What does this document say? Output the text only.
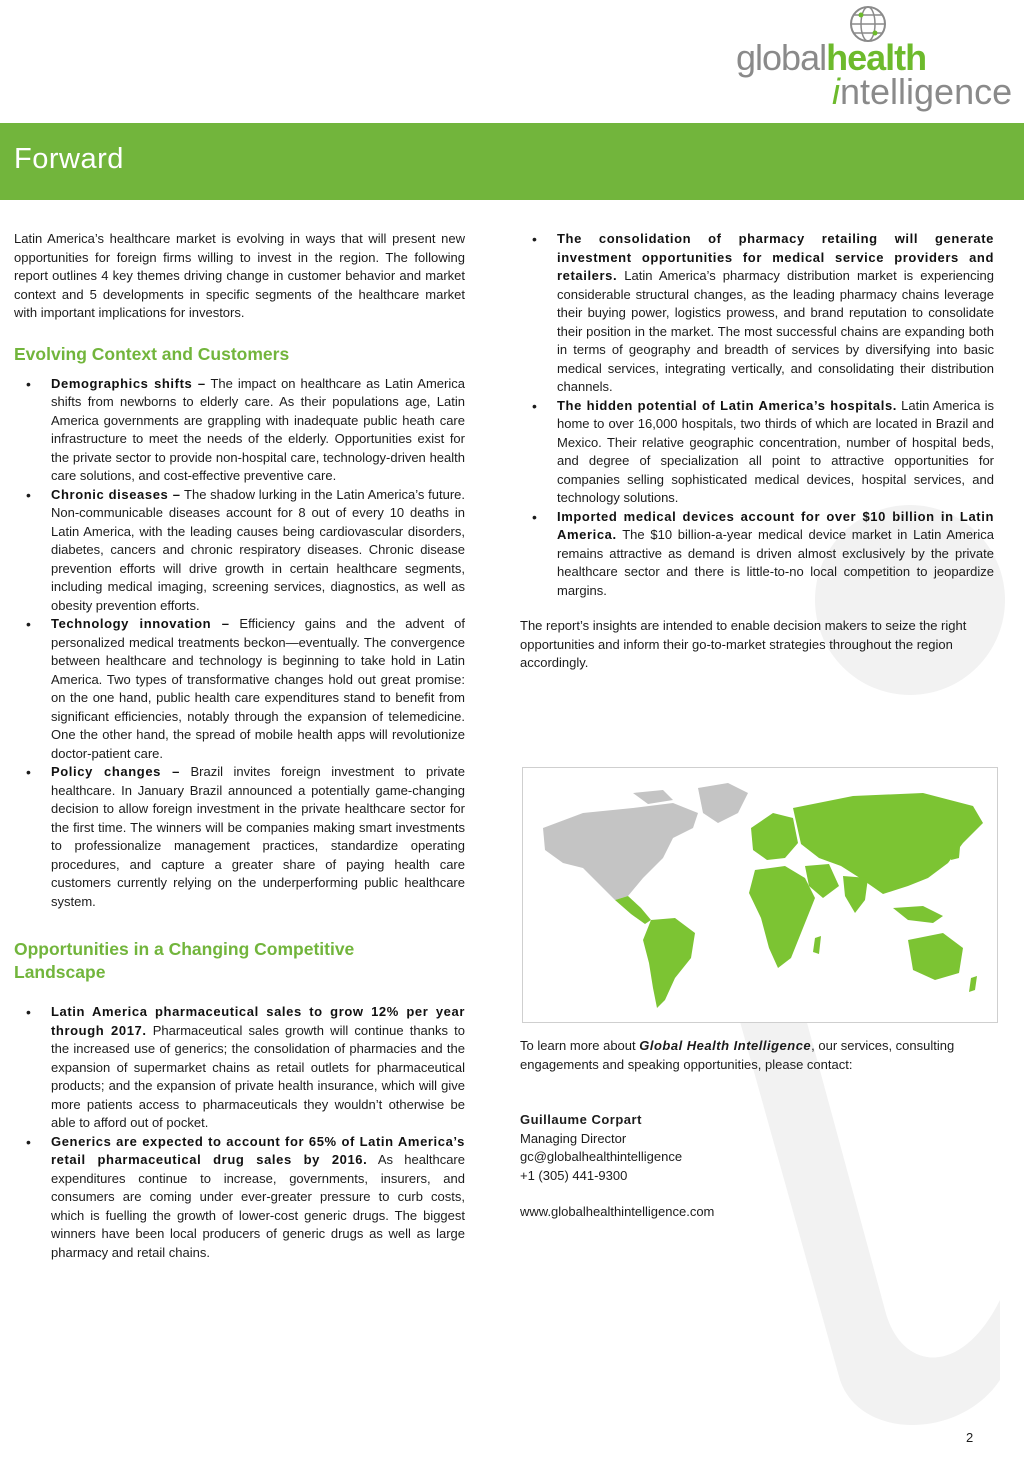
globalhealth
intelligence
Forward

Latin America’s healthcare market is evolving in ways that will present new opportunities for foreign firms willing to invest in the region. The following report outlines 4 key themes driving change in customer behavior and market context and 5 developments in specific segments of the healthcare market with important implications for investors.

Evolving Context and Customers
• Demographics shifts – The impact on healthcare as Latin America shifts from newborns to elderly care. As their populations age, Latin America governments are grappling with inadequate public heath care infrastructure to meet the needs of the elderly. Opportunities exist for the private sector to provide non-hospital care, technology-driven health care solutions, and cost-effective preventive care.
• Chronic diseases – The shadow lurking in the Latin America’s future. Non-communicable diseases account for 8 out of every 10 deaths in Latin America, with the leading causes being cardiovascular disorders, diabetes, cancers and chronic respiratory diseases. Chronic disease prevention efforts will drive growth in certain healthcare segments, including medical imaging, screening services, diagnostics, as well as obesity prevention efforts.
• Technology innovation – Efficiency gains and the advent of personalized medical treatments beckon—eventually. The convergence between healthcare and technology is beginning to take hold in Latin America. Two types of transformative changes hold out great promise: on the one hand, public health care expenditures stand to benefit from significant efficiencies, notably through the expansion of telemedicine. One the other hand, the spread of mobile health apps will revolutionize doctor-patient care.
• Policy changes – Brazil invites foreign investment to private healthcare. In January Brazil announced a potentially game-changing decision to allow foreign investment in the private healthcare sector for the first time. The winners will be companies making smart investments to professionalize management practices, standardize operating procedures, and capture a greater share of paying health care customers currently relying on the underperforming public healthcare system.
Opportunities in a Changing Competitive Landscape
• Latin America pharmaceutical sales to grow 12% per year through 2017. Pharmaceutical sales growth will continue thanks to the increased use of generics; the consolidation of pharmacies and the expansion of supermarket chains as retail outlets for pharmaceutical products; and the expansion of private health insurance, which will give more patients access to pharmaceuticals they wouldn’t otherwise be able to afford out of pocket.
• Generics are expected to account for 65% of Latin America’s retail pharmaceutical drug sales by 2016. As healthcare expenditures continue to increase, governments, insurers, and consumers are coming under ever-greater pressure to curb costs, which is fuelling the growth of lower-cost generic drugs. The biggest winners have been local producers of generic drugs as well as large pharmacy and retail chains.
• The consolidation of pharmacy retailing will generate investment opportunities for medical service providers and retailers. Latin America’s pharmacy distribution market is experiencing considerable structural changes, as the leading pharmacy chains leverage their buying power, logistics prowess, and brand reputation to consolidate their position in the market. The most successful chains are expanding both in terms of geography and breadth of services by diversifying into basic medical services, integrating vertically, and consolidating their distribution channels.
• The hidden potential of Latin America’s hospitals. Latin America is home to over 16,000 hospitals, two thirds of which are located in Brazil and Mexico. Their relative geographic concentration, number of hospital beds, and degree of specialization all point to attractive opportunities for companies selling sophisticated medical devices, hospital services, and technology solutions.
• Imported medical devices account for over $10 billion in Latin America. The $10 billion-a-year medical device market in Latin America remains attractive as demand is driven almost exclusively by the private healthcare sector and there is little-to-no local competition to jeopardize margins.

The report’s insights are intended to enable decision makers to seize the right opportunities and inform their go-to-market strategies throughout the region accordingly.

To learn more about Global Health Intelligence, our services, consulting engagements and speaking opportunities, please contact:

Guillaume Corpart
Managing Director
gc@globalhealthintelligence
+1 (305) 441-9300
www.globalhealthintelligence.com
2
